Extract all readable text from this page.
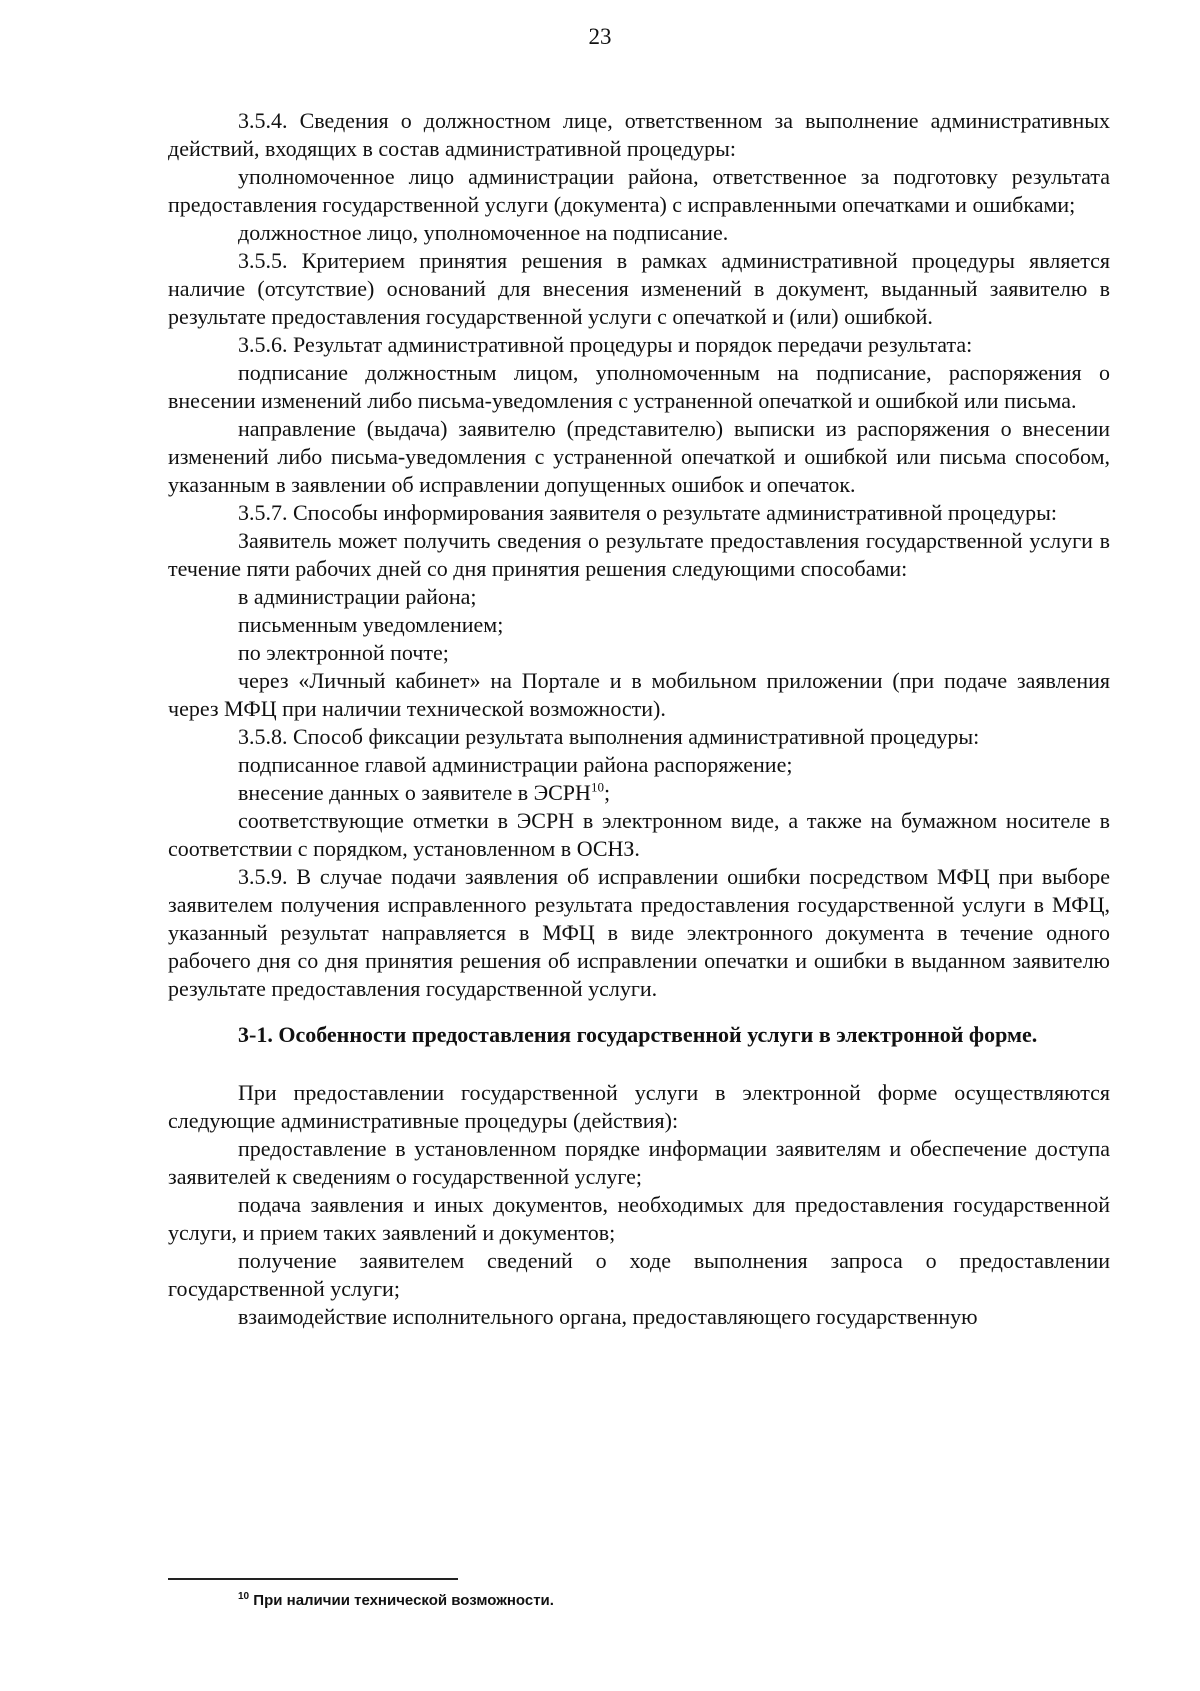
23

3.5.4. Сведения о должностном лице, ответственном за выполнение административных действий, входящих в состав административной процедуры:

уполномоченное лицо администрации района, ответственное за подготовку результата предоставления государственной услуги (документа) с исправленными опечатками и ошибками;

должностное лицо, уполномоченное на подписание.

3.5.5. Критерием принятия решения в рамках административной процедуры является наличие (отсутствие) оснований для внесения изменений в документ, выданный заявителю в результате предоставления государственной услуги с опечаткой и (или) ошибкой.

3.5.6. Результат административной процедуры и порядок передачи результата:

подписание должностным лицом, уполномоченным на подписание, распоряжения о внесении изменений либо письма-уведомления с устраненной опечаткой и ошибкой или письма.

направление (выдача) заявителю (представителю) выписки из распоряжения о внесении изменений либо письма-уведомления с устраненной опечаткой и ошибкой или письма способом, указанным в заявлении об исправлении допущенных ошибок и опечаток.

3.5.7. Способы информирования заявителя о результате административной процедуры:

Заявитель может получить сведения о результате предоставления государственной услуги в течение пяти рабочих дней со дня принятия решения следующими способами:

в администрации района;

письменным уведомлением;

по электронной почте;

через «Личный кабинет» на Портале и в мобильном приложении (при подаче заявления через МФЦ при наличии технической возможности).

3.5.8. Способ фиксации результата выполнения административной процедуры:

подписанное главой администрации района распоряжение;

внесение данных о заявителе в ЭСРН$^{10}$;

соответствующие отметки в ЭСРН в электронном виде, а также на бумажном носителе в соответствии с порядком, установленном в ОСНЗ.

3.5.9. В случае подачи заявления об исправлении ошибки посредством МФЦ при выборе заявителем получения исправленного результата предоставления государственной услуги в МФЦ, указанный результат направляется в МФЦ в виде электронного документа в течение одного рабочего дня со дня принятия решения об исправлении опечатки и ошибки в выданном заявителю результате предоставления государственной услуги.

3-1. Особенности предоставления государственной услуги в электронной форме.

При предоставлении государственной услуги в электронной форме осуществляются следующие административные процедуры (действия):

предоставление в установленном порядке информации заявителям и обеспечение доступа заявителей к сведениям о государственной услуге;

подача заявления и иных документов, необходимых для предоставления государственной услуги, и прием таких заявлений и документов;

получение заявителем сведений о ходе выполнения запроса о предоставлении государственной услуги;

взаимодействие исполнительного органа, предоставляющего государственную

$^{10}$ При наличии технической возможности.
